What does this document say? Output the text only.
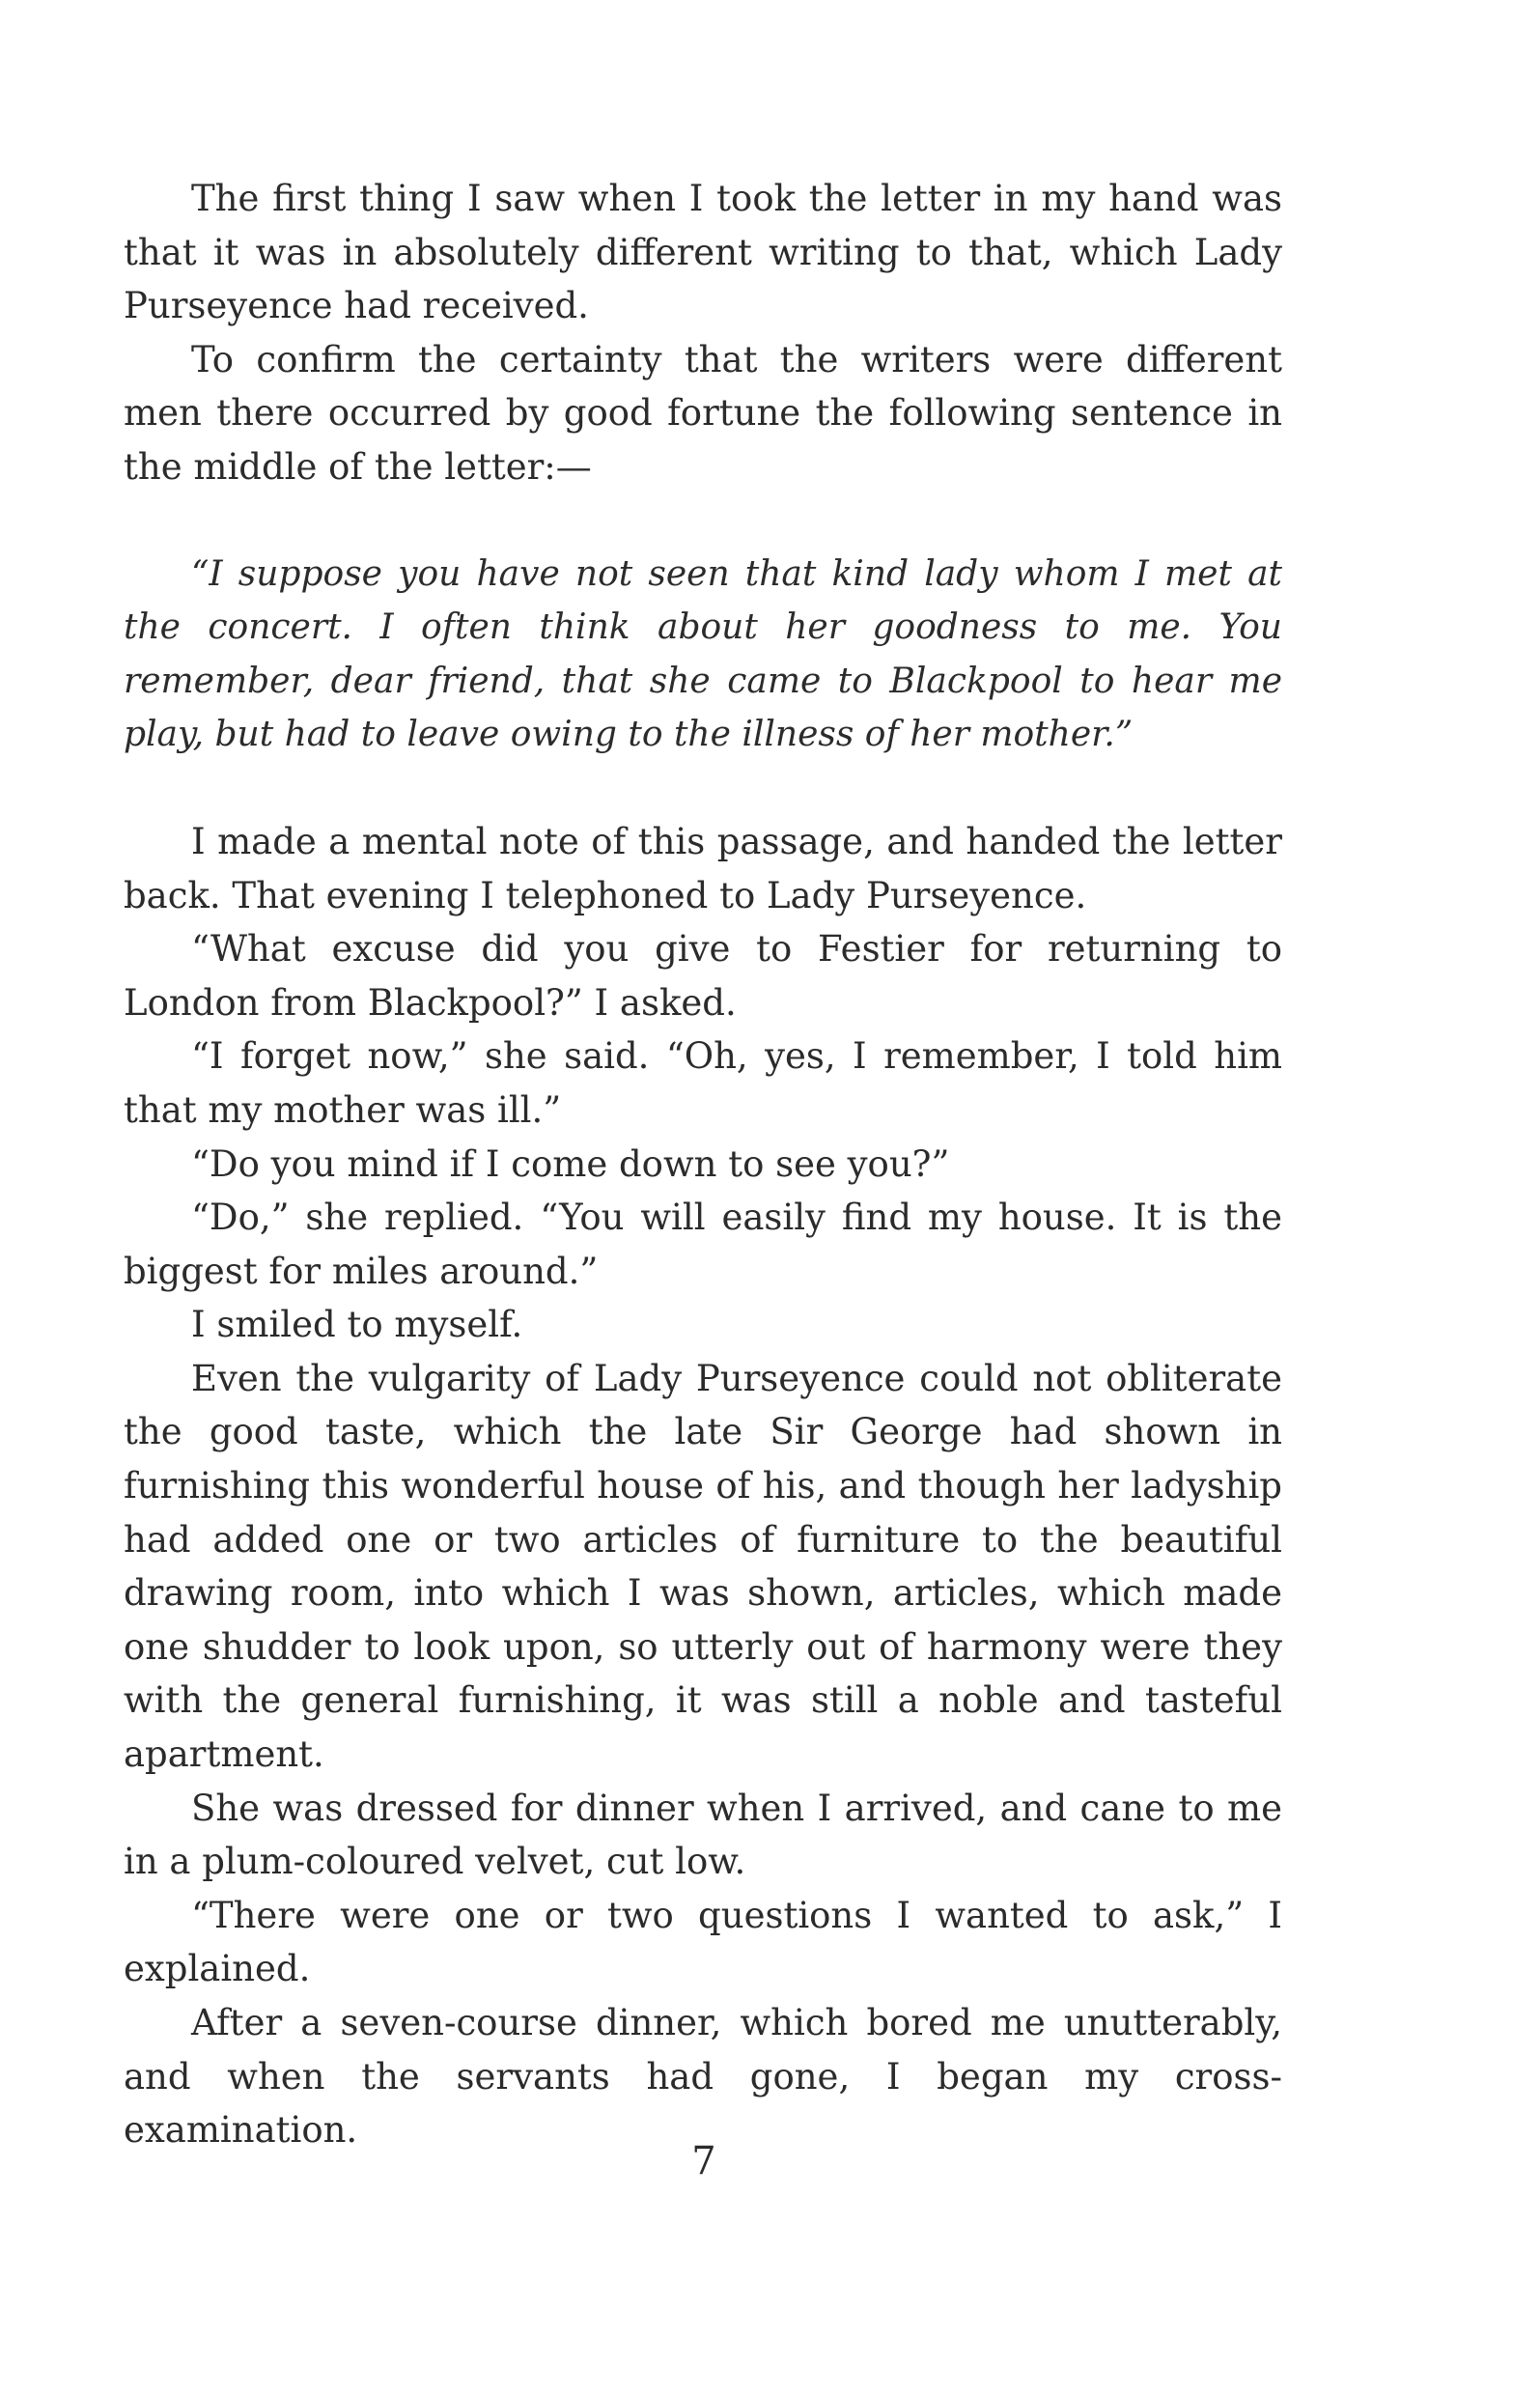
The first thing I saw when I took the letter in my hand was that it was in absolutely different writing to that, which Lady Purseyence had received.

To confirm the certainty that the writers were different men there occurred by good fortune the following sentence in the middle of the letter:—

“I suppose you have not seen that kind lady whom I met at the concert. I often think about her goodness to me. You remember, dear friend, that she came to Blackpool to hear me play, but had to leave owing to the illness of her mother.”

I made a mental note of this passage, and handed the letter back. That evening I telephoned to Lady Purseyence.

“What excuse did you give to Festier for returning to London from Blackpool?” I asked.

“I forget now,” she said. “Oh, yes, I remember, I told him that my mother was ill.”

“Do you mind if I come down to see you?”

“Do,” she replied. “You will easily find my house. It is the biggest for miles around.”

I smiled to myself.

Even the vulgarity of Lady Purseyence could not obliterate the good taste, which the late Sir George had shown in furnishing this wonderful house of his, and though her ladyship had added one or two articles of furniture to the beautiful drawing room, into which I was shown, articles, which made one shudder to look upon, so utterly out of harmony were they with the general furnishing, it was still a noble and tasteful apartment.

She was dressed for dinner when I arrived, and cane to me in a plum-coloured velvet, cut low.

“There were one or two questions I wanted to ask,” I explained.

After a seven-course dinner, which bored me unutterably, and when the servants had gone, I began my cross-examination.

7
